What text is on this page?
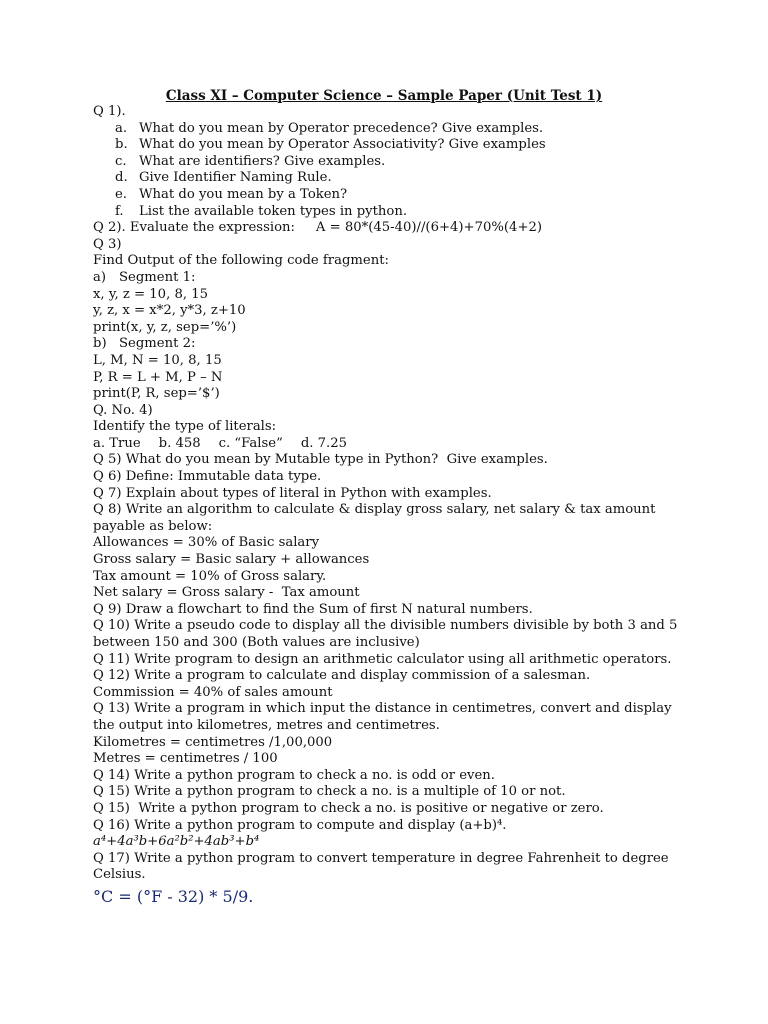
Class XI – Computer Science – Sample Paper (Unit Test 1)
Q 1).
a. What do you mean by Operator precedence? Give examples.
b. What do you mean by Operator Associativity? Give examples
c. What are identifiers? Give examples.
d. Give Identifier Naming Rule.
e. What do you mean by a Token?
f.	List the available token types in python.
Q 2). Evaluate the expression:     A = 80*(45-40)//(6+4)+70%(4+2)
Q 3)
Find Output of the following code fragment:
a) Segment 1:
x, y, z = 10, 8, 15
y, z, x = x*2, y*3, z+10
print(x, y, z, sep=’%’)
b) Segment 2:
L, M, N = 10, 8, 15
P, R = L + M, P – N
print(P, R, sep=’$’)
Q. No. 4)
Identify the type of literals:
a. True b. 458 c. “False” d. 7.25
Q 5) What do you mean by Mutable type in Python?  Give examples.
Q 6) Define: Immutable data type.
Q 7) Explain about types of literal in Python with examples.
Q 8) Write an algorithm to calculate & display gross salary, net salary & tax amount payable as below:
Allowances = 30% of Basic salary
Gross salary = Basic salary + allowances
Tax amount = 10% of Gross salary.
Net salary = Gross salary -  Tax amount
Q 9) Draw a flowchart to find the Sum of first N natural numbers.
Q 10) Write a pseudo code to display all the divisible numbers divisible by both 3 and 5 between 150 and 300 (Both values are inclusive)
Q 11) Write program to design an arithmetic calculator using all arithmetic operators.
Q 12) Write a program to calculate and display commission of a salesman.
Commission = 40% of sales amount
Q 13) Write a program in which input the distance in centimetres, convert and display the output into kilometres, metres and centimetres.
Kilometres = centimetres /1,00,000
Metres = centimetres / 100
Q 14) Write a python program to check a no. is odd or even.
Q 15) Write a python program to check a no. is a multiple of 10 or not.
Q 15)  Write a python program to check a no. is positive or negative or zero.
Q 16) Write a python program to compute and display (a+b)⁴.
a⁴+4a³b+6a²b²+4ab³+b⁴
Q 17) Write a python program to convert temperature in degree Fahrenheit to degree Celsius.
°C = (°F - 32) * 5/9.
